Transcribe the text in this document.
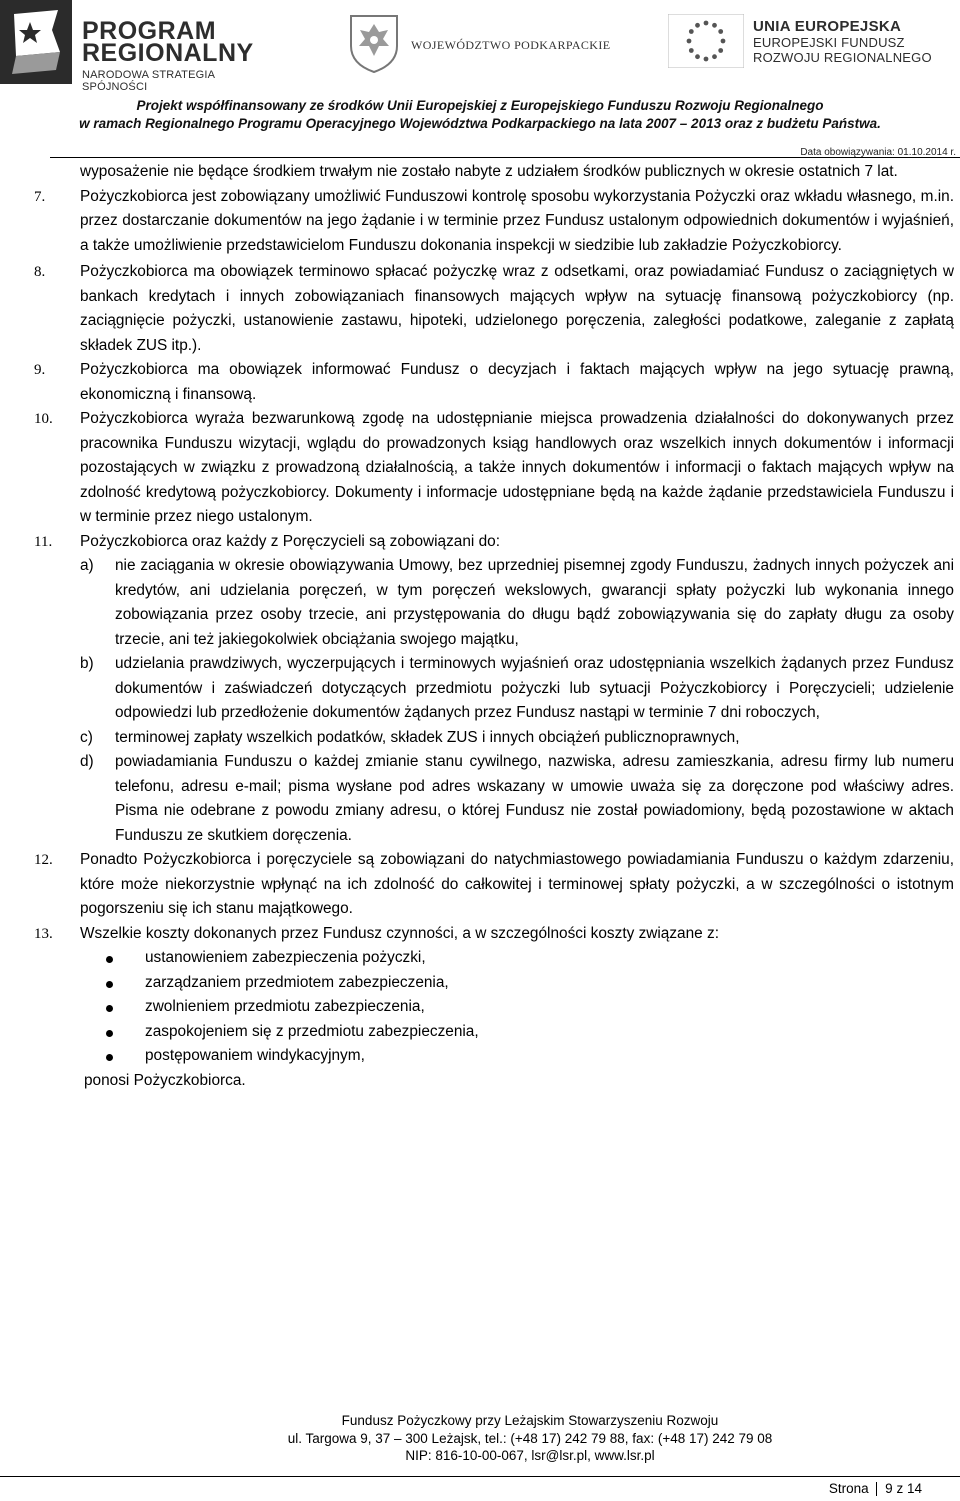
PROGRAM
REGIONALNY
NARODOWA STRATEGIA SPÓJNOŚCI
WOJEWÓDZTWO PODKARPACKIE
UNIA EUROPEJSKA
EUROPEJSKI FUNDUSZ
ROZWOJU REGIONALNEGO
Projekt współfinansowany ze środków Unii Europejskiej z Europejskiego Funduszu Rozwoju Regionalnego
w ramach Regionalnego Programu Operacyjnego Województwa Podkarpackiego na lata 2007 – 2013 oraz z budżetu Państwa.
Data obowiązywania: 01.10.2014 r.
wyposażenie nie będące środkiem trwałym nie zostało nabyte z udziałem środków publicznych w okresie ostatnich 7 lat.
7. Pożyczkobiorca jest zobowiązany umożliwić Funduszowi kontrolę sposobu wykorzystania Pożyczki oraz wkładu własnego, m.in. przez dostarczanie dokumentów na jego żądanie i w terminie przez Fundusz ustalonym odpowiednich dokumentów i wyjaśnień, a także umożliwienie przedstawicielom Funduszu dokonania inspekcji w siedzibie lub zakładzie Pożyczkobiorcy.
8. Pożyczkobiorca ma obowiązek terminowo spłacać pożyczkę wraz z odsetkami, oraz powiadamiać Fundusz o zaciągniętych w bankach kredytach i innych zobowiązaniach finansowych mających wpływ na sytuację finansową pożyczkobiorcy (np. zaciągnięcie pożyczki, ustanowienie zastawu, hipoteki, udzielonego poręczenia, zaległości podatkowe, zaleganie z zapłatą składek ZUS itp.).
9. Pożyczkobiorca ma obowiązek informować Fundusz o decyzjach i faktach mających wpływ na jego sytuację prawną, ekonomiczną i finansową.
10. Pożyczkobiorca wyraża bezwarunkową zgodę na udostępnianie miejsca prowadzenia działalności do dokonywanych przez pracownika Funduszu wizytacji, wglądu do prowadzonych ksiąg handlowych oraz wszelkich innych dokumentów i informacji pozostających w związku z prowadzoną działalnością, a także innych dokumentów i informacji o faktach mających wpływ na zdolność kredytową pożyczkobiorcy. Dokumenty i informacje udostępniane będą na każde żądanie przedstawiciela Funduszu i w terminie przez niego ustalonym.
11. Pożyczkobiorca oraz każdy z Poręczycieli są zobowiązani do:
a) nie zaciągania w okresie obowiązywania Umowy, bez uprzedniej pisemnej zgody Funduszu, żadnych innych pożyczek ani kredytów, ani udzielania poręczeń, w tym poręczeń wekslowych, gwarancji spłaty pożyczki lub wykonania innego zobowiązania przez osoby trzecie, ani przystępowania do długu bądź zobowiązywania się do zapłaty długu za osoby trzecie, ani też jakiegokolwiek obciążania swojego majątku,
b) udzielania prawdziwych, wyczerpujących i terminowych wyjaśnień oraz udostępniania wszelkich żądanych przez Fundusz dokumentów i zaświadczeń dotyczących przedmiotu pożyczki lub sytuacji Pożyczkobiorcy i Poręczycieli; udzielenie odpowiedzi lub przedłożenie dokumentów żądanych przez Fundusz nastąpi w terminie 7 dni roboczych,
c) terminowej zapłaty wszelkich podatków, składek ZUS i innych obciążeń publicznoprawnych,
d) powiadamiania Funduszu o każdej zmianie stanu cywilnego, nazwiska, adresu zamieszkania, adresu firmy lub numeru telefonu, adresu e-mail; pisma wysłane pod adres wskazany w umowie uważa się za doręczone pod właściwy adres. Pisma nie odebrane z powodu zmiany adresu, o której Fundusz nie został powiadomiony, będą pozostawione w aktach Funduszu ze skutkiem doręczenia.
12. Ponadto Pożyczkobiorca i poręczyciele są zobowiązani do natychmiastowego powiadamiania Funduszu o każdym zdarzeniu, które może niekorzystnie wpłynąć na ich zdolność do całkowitej i terminowej spłaty pożyczki, a w szczególności o istotnym pogorszeniu się ich stanu majątkowego.
13. Wszelkie koszty dokonanych przez Fundusz czynności, a w szczególności koszty związane z:
ustanowieniem zabezpieczenia pożyczki,
zarządzaniem przedmiotem zabezpieczenia,
zwolnieniem przedmiotu zabezpieczenia,
zaspokojeniem się z przedmiotu zabezpieczenia,
postępowaniem windykacyjnym,
ponosi Pożyczkobiorca.
Fundusz Pożyczkowy przy Leżajskim Stowarzyszeniu Rozwoju
ul. Targowa 9, 37 – 300 Leżajsk, tel.: (+48 17) 242 79 88, fax: (+48 17) 242 79 08
NIP: 816-10-00-067, lsr@lsr.pl, www.lsr.pl
Strona 9 z 14
